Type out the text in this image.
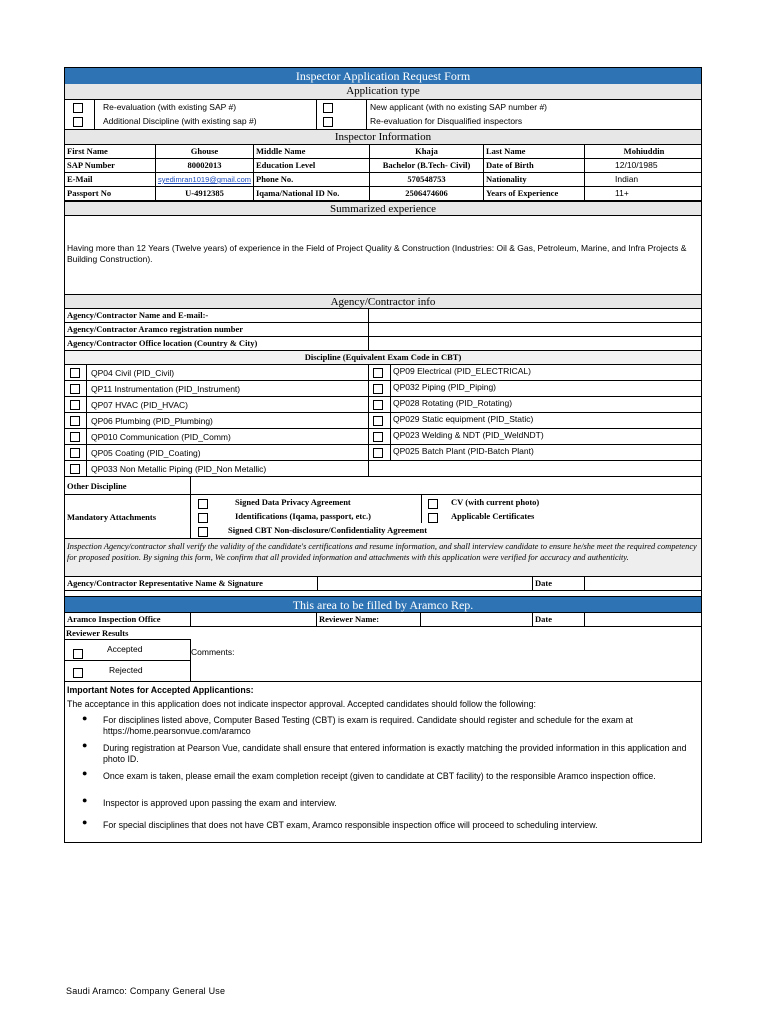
Inspector Application Request Form
Application type
Re-evaluation (with existing SAP #)	New applicant (with no existing SAP number #)
Additional Discipline (with existing sap #)	Re-evaluation for Disqualified inspectors
Inspector Information
First Name	Ghouse	Middle Name	Khaja	Last Name	Mohiuddin
SAP Number	80002013	Education Level	Bachelor (B.Tech- Civil)	Date of Birth	12/10/1985
E-Mail	syedimran1019@gmail.com Phone No.	570548753	Nationality	Indian
Passport No	U-4912385	Iqama/National ID No.	2506474606	Years of Experience	11+
Summarized experience
Having more than 12 Years (Twelve years) of experience in the Field of Project Quality & Construction (Industries: Oil & Gas, Petroleum, Marine, and Infra Projects & Building Construction).
Agency/Contractor info
Agency/Contractor Name and E-mail:-
Agency/Contractor Aramco registration number
Agency/Contractor Office location (Country & City)
Discipline (Equivalent Exam Code in CBT)
QP04 Civil (PID_Civil)	QP09 Electrical (PID_ELECTRICAL)
QP11 Instrumentation (PID_Instrument)	QP032 Piping (PID_Piping)
QP07 HVAC (PID_HVAC)	QP028 Rotating (PID_Rotating)
QP06 Plumbing (PID_Plumbing)	QP029 Static equipment (PID_Static)
QP010 Communication (PID_Comm)	QP023 Welding & NDT (PID_WeldNDT)
QP05 Coating (PID_Coating)	QP025 Batch Plant (PID-Batch Plant)
QP033 Non Metallic Piping (PID_Non Metallic)
Other Discipline
Mandatory Attachments
Signed Data Privacy Agreement
Identifications (Iqama, passport, etc.)
Signed CBT Non-disclosure/Confidentiality Agreement
CV (with current photo)
Applicable Certificates
Inspection Agency/contractor shall verify the validity of the candidate's certifications and resume information, and shall interview candidate to ensure he/she meet the required competency for proposed position. By signing this form, We confirm that all provided information and attachments with this application were verified for accuracy and authenticity.
Agency/Contractor Representative Name & Signature	Date
This area to be filled by Aramco Rep.
Aramco Inspection Office	Reviewer Name:	Date
Reviewer Results
Accepted
Rejected
Comments:
Important Notes for Accepted Applicantions:
The acceptance in this application does not indicate inspector approval. Accepted candidates should follow the following:
● For disciplines listed above, Computer Based Testing (CBT) is exam is required. Candidate should register and schedule for the exam at https://home.pearsonvue.com/aramco
● During registration at Pearson Vue, candidate shall ensure that entered information is exactly matching the provided information in this application and photo ID.
● Once exam is taken, please email the exam completion receipt (given to candidate at CBT facility) to the responsible Aramco inspection office.
● Inspector is approved upon passing the exam and interview.
● For special disciplines that does not have CBT exam, Aramco responsible inspection office will proceed to scheduling interview.
Saudi Aramco: Company General Use
